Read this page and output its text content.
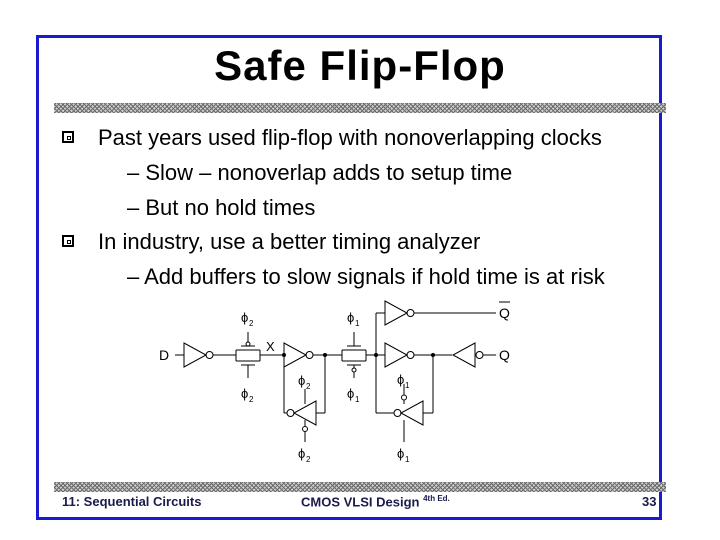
Safe Flip-Flop
Past years used flip-flop with nonoverlapping clocks
– Slow – nonoverlap adds to setup time
– But no hold times
In industry, use a better timing analyzer
– Add buffers to slow signals if hold time is at risk
D
ϕ 2
ϕ 2
X
ϕ 2
ϕ 2
ϕ 1
ϕ 1
ϕ 1
ϕ 1
Q
Q
11: Sequential Circuits	CMOS VLSI Design $^{4th Ed.}$	33
